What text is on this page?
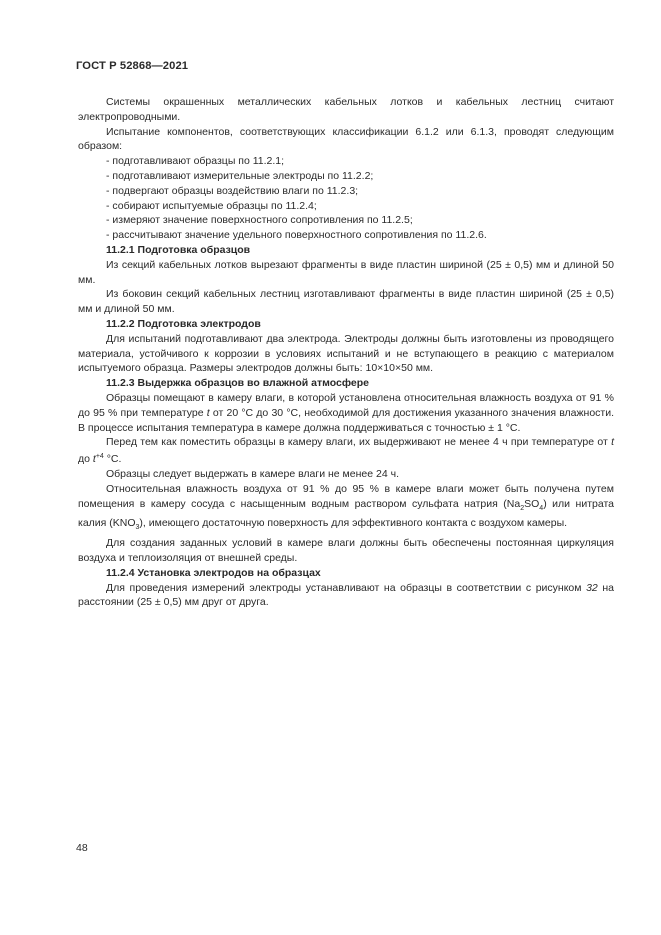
ГОСТ Р 52868—2021

Системы окрашенных металлических кабельных лотков и кабельных лестниц считают электропроводными.

Испытание компонентов, соответствующих классификации 6.1.2 или 6.1.3, проводят следующим образом:

- подготавливают образцы по 11.2.1;

- подготавливают измерительные электроды по 11.2.2;

- подвергают образцы воздействию влаги по 11.2.3;

- собирают испытуемые образцы по 11.2.4;

- измеряют значение поверхностного сопротивления по 11.2.5;

- рассчитывают значение удельного поверхностного сопротивления по 11.2.6.

11.2.1 Подготовка образцов

Из секций кабельных лотков вырезают фрагменты в виде пластин шириной (25 ± 0,5) мм и длиной 50 мм.

Из боковин секций кабельных лестниц изготавливают фрагменты в виде пластин шириной (25 ± 0,5) мм и длиной 50 мм.

11.2.2 Подготовка электродов

Для испытаний подготавливают два электрода. Электроды должны быть изготовлены из проводящего материала, устойчивого к коррозии в условиях испытаний и не вступающего в реакцию с материалом испытуемого образца. Размеры электродов должны быть: 10×10×50 мм.

11.2.3 Выдержка образцов во влажной атмосфере

Образцы помещают в камеру влаги, в которой установлена относительная влажность воздуха от 91 % до 95 % при температуре t от 20 °С до 30 °С, необходимой для достижения указанного значения влажности. В процессе испытания температура в камере должна поддерживаться с точностью ± 1 °С.

Перед тем как поместить образцы в камеру влаги, их выдерживают не менее 4 ч при температуре от t до $t^{+4}$ °С.

Образцы следует выдержать в камере влаги не менее 24 ч.

Относительная влажность воздуха от 91 % до 95 % в камере влаги может быть получена путем помещения в камеру сосуда с насыщенным водным раствором сульфата натрия $(Na_2SO_4)$ или нитрата калия $(KNO_3)$, имеющего достаточную поверхность для эффективного контакта с воздухом камеры.

Для создания заданных условий в камере влаги должны быть обеспечены постоянная циркуляция воздуха и теплоизоляция от внешней среды.

11.2.4 Установка электродов на образцах

Для проведения измерений электроды устанавливают на образцы в соответствии с рисунком 32 на расстоянии (25 ± 0,5) мм друг от друга.

48
